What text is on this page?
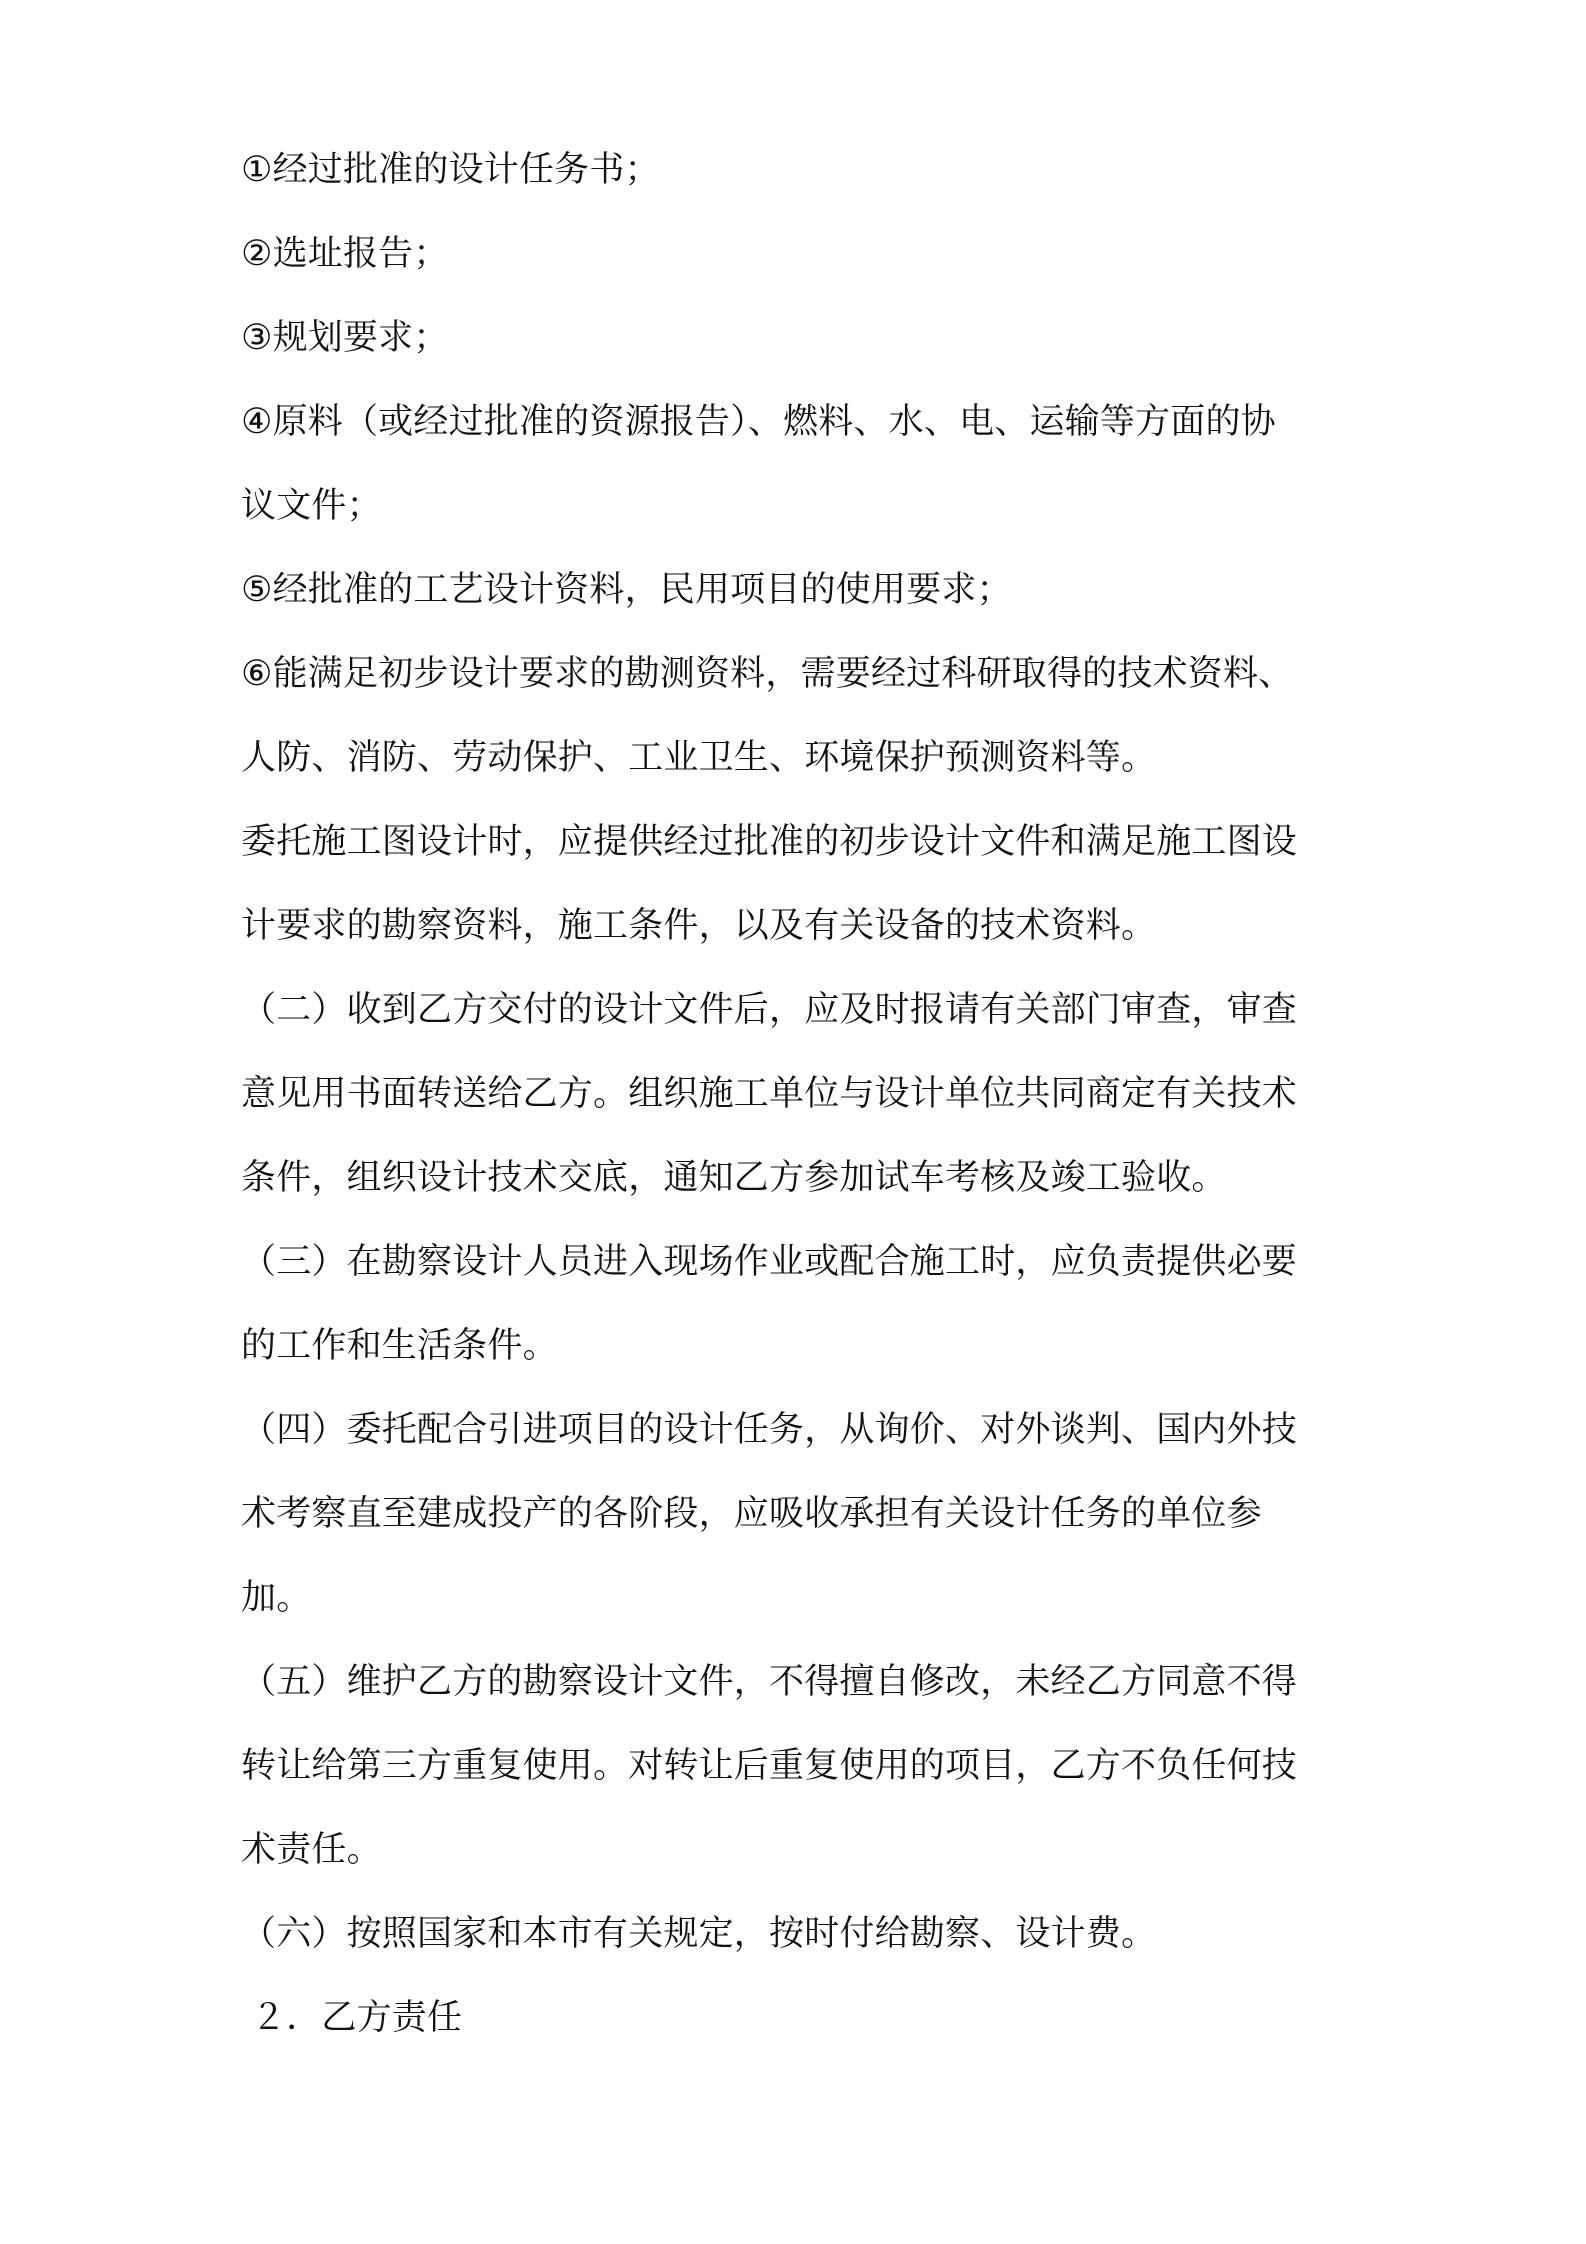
①经过批准的设计任务书；
②选址报告；
③规划要求；
④原料（或经过批准的资源报告）、燃料、水、电、运输等方面的协
议文件；
⑤经批准的工艺设计资料，民用项目的使用要求；
⑥能满足初步设计要求的勘测资料，需要经过科研取得的技术资料、
人防、消防、劳动保护、工业卫生、环境保护预测资料等。
委托施工图设计时，应提供经过批准的初步设计文件和满足施工图设
计要求的勘察资料，施工条件，以及有关设备的技术资料。
（二）收到乙方交付的设计文件后，应及时报请有关部门审查，审查
意见用书面转送给乙方。组织施工单位与设计单位共同商定有关技术
条件，组织设计技术交底，通知乙方参加试车考核及竣工验收。
（三）在勘察设计人员进入现场作业或配合施工时，应负责提供必要
的工作和生活条件。
（四）委托配合引进项目的设计任务，从询价、对外谈判、国内外技
术考察直至建成投产的各阶段，应吸收承担有关设计任务的单位参
加。
（五）维护乙方的勘察设计文件，不得擅自修改，未经乙方同意不得
转让给第三方重复使用。对转让后重复使用的项目，乙方不负任何技
术责任。
（六）按照国家和本市有关规定，按时付给勘察、设计费。
２．乙方责任
